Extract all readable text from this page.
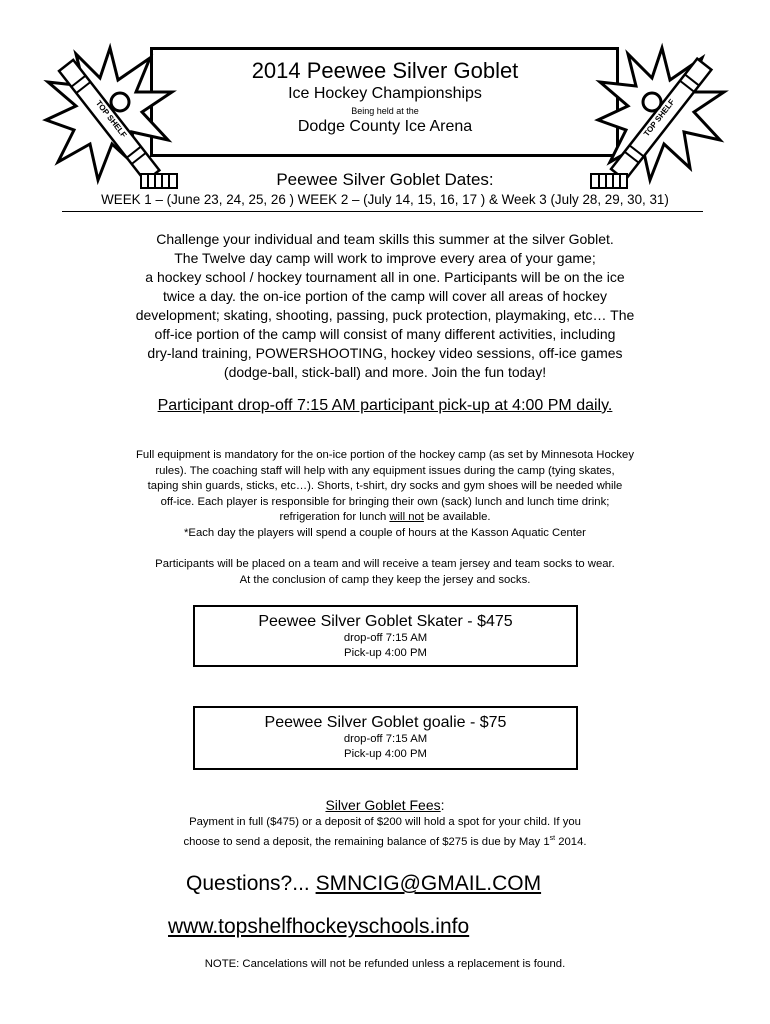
2014 Peewee Silver Goblet
Ice Hockey Championships
Being held at the
Dodge County Ice Arena
TOP SHELF	TOP SHELF
Peewee Silver Goblet Dates:
WEEK 1 – (June 23, 24, 25, 26 ) WEEK 2 – (July 14, 15, 16, 17 ) & Week 3 (July 28, 29, 30, 31)
Challenge your individual and team skills this summer at the silver Goblet.
The Twelve day camp will work to improve every area of your game;
a hockey school / hockey tournament all in one. Participants will be on the ice
twice a day. the on-ice portion of the camp will cover all areas of hockey
development; skating, shooting, passing, puck protection, playmaking, etc… The
off-ice portion of the camp will consist of many different activities, including
dry-land training, POWERSHOOTING, hockey video sessions, off-ice games
(dodge-ball, stick-ball) and more. Join the fun today!
Participant drop-off 7:15 AM participant pick-up at 4:00 PM daily.
Full equipment is mandatory for the on-ice portion of the hockey camp (as set by Minnesota Hockey
rules). The coaching staff will help with any equipment issues during the camp (tying skates,
taping shin guards, sticks, etc…). Shorts, t-shirt, dry socks and gym shoes will be needed while
off-ice. Each player is responsible for bringing their own (sack) lunch and lunch time drink;
refrigeration for lunch will not be available.
*Each day the players will spend a couple of hours at the Kasson Aquatic Center
Participants will be placed on a team and will receive a team jersey and team socks to wear.
At the conclusion of camp they keep the jersey and socks.
Peewee Silver Goblet Skater - $475
drop-off 7:15 AM
Pick-up 4:00 PM
Peewee Silver Goblet goalie - $75
drop-off 7:15 AM
Pick-up 4:00 PM
Silver Goblet Fees:
Payment in full ($475) or a deposit of $200 will hold a spot for your child. If you
choose to send a deposit, the remaining balance of $275 is due by May 1st 2014.
Questions?... SMNCIG@GMAIL.COM
www.topshelfhockeyschools.info
NOTE: Cancelations will not be refunded unless a replacement is found.
